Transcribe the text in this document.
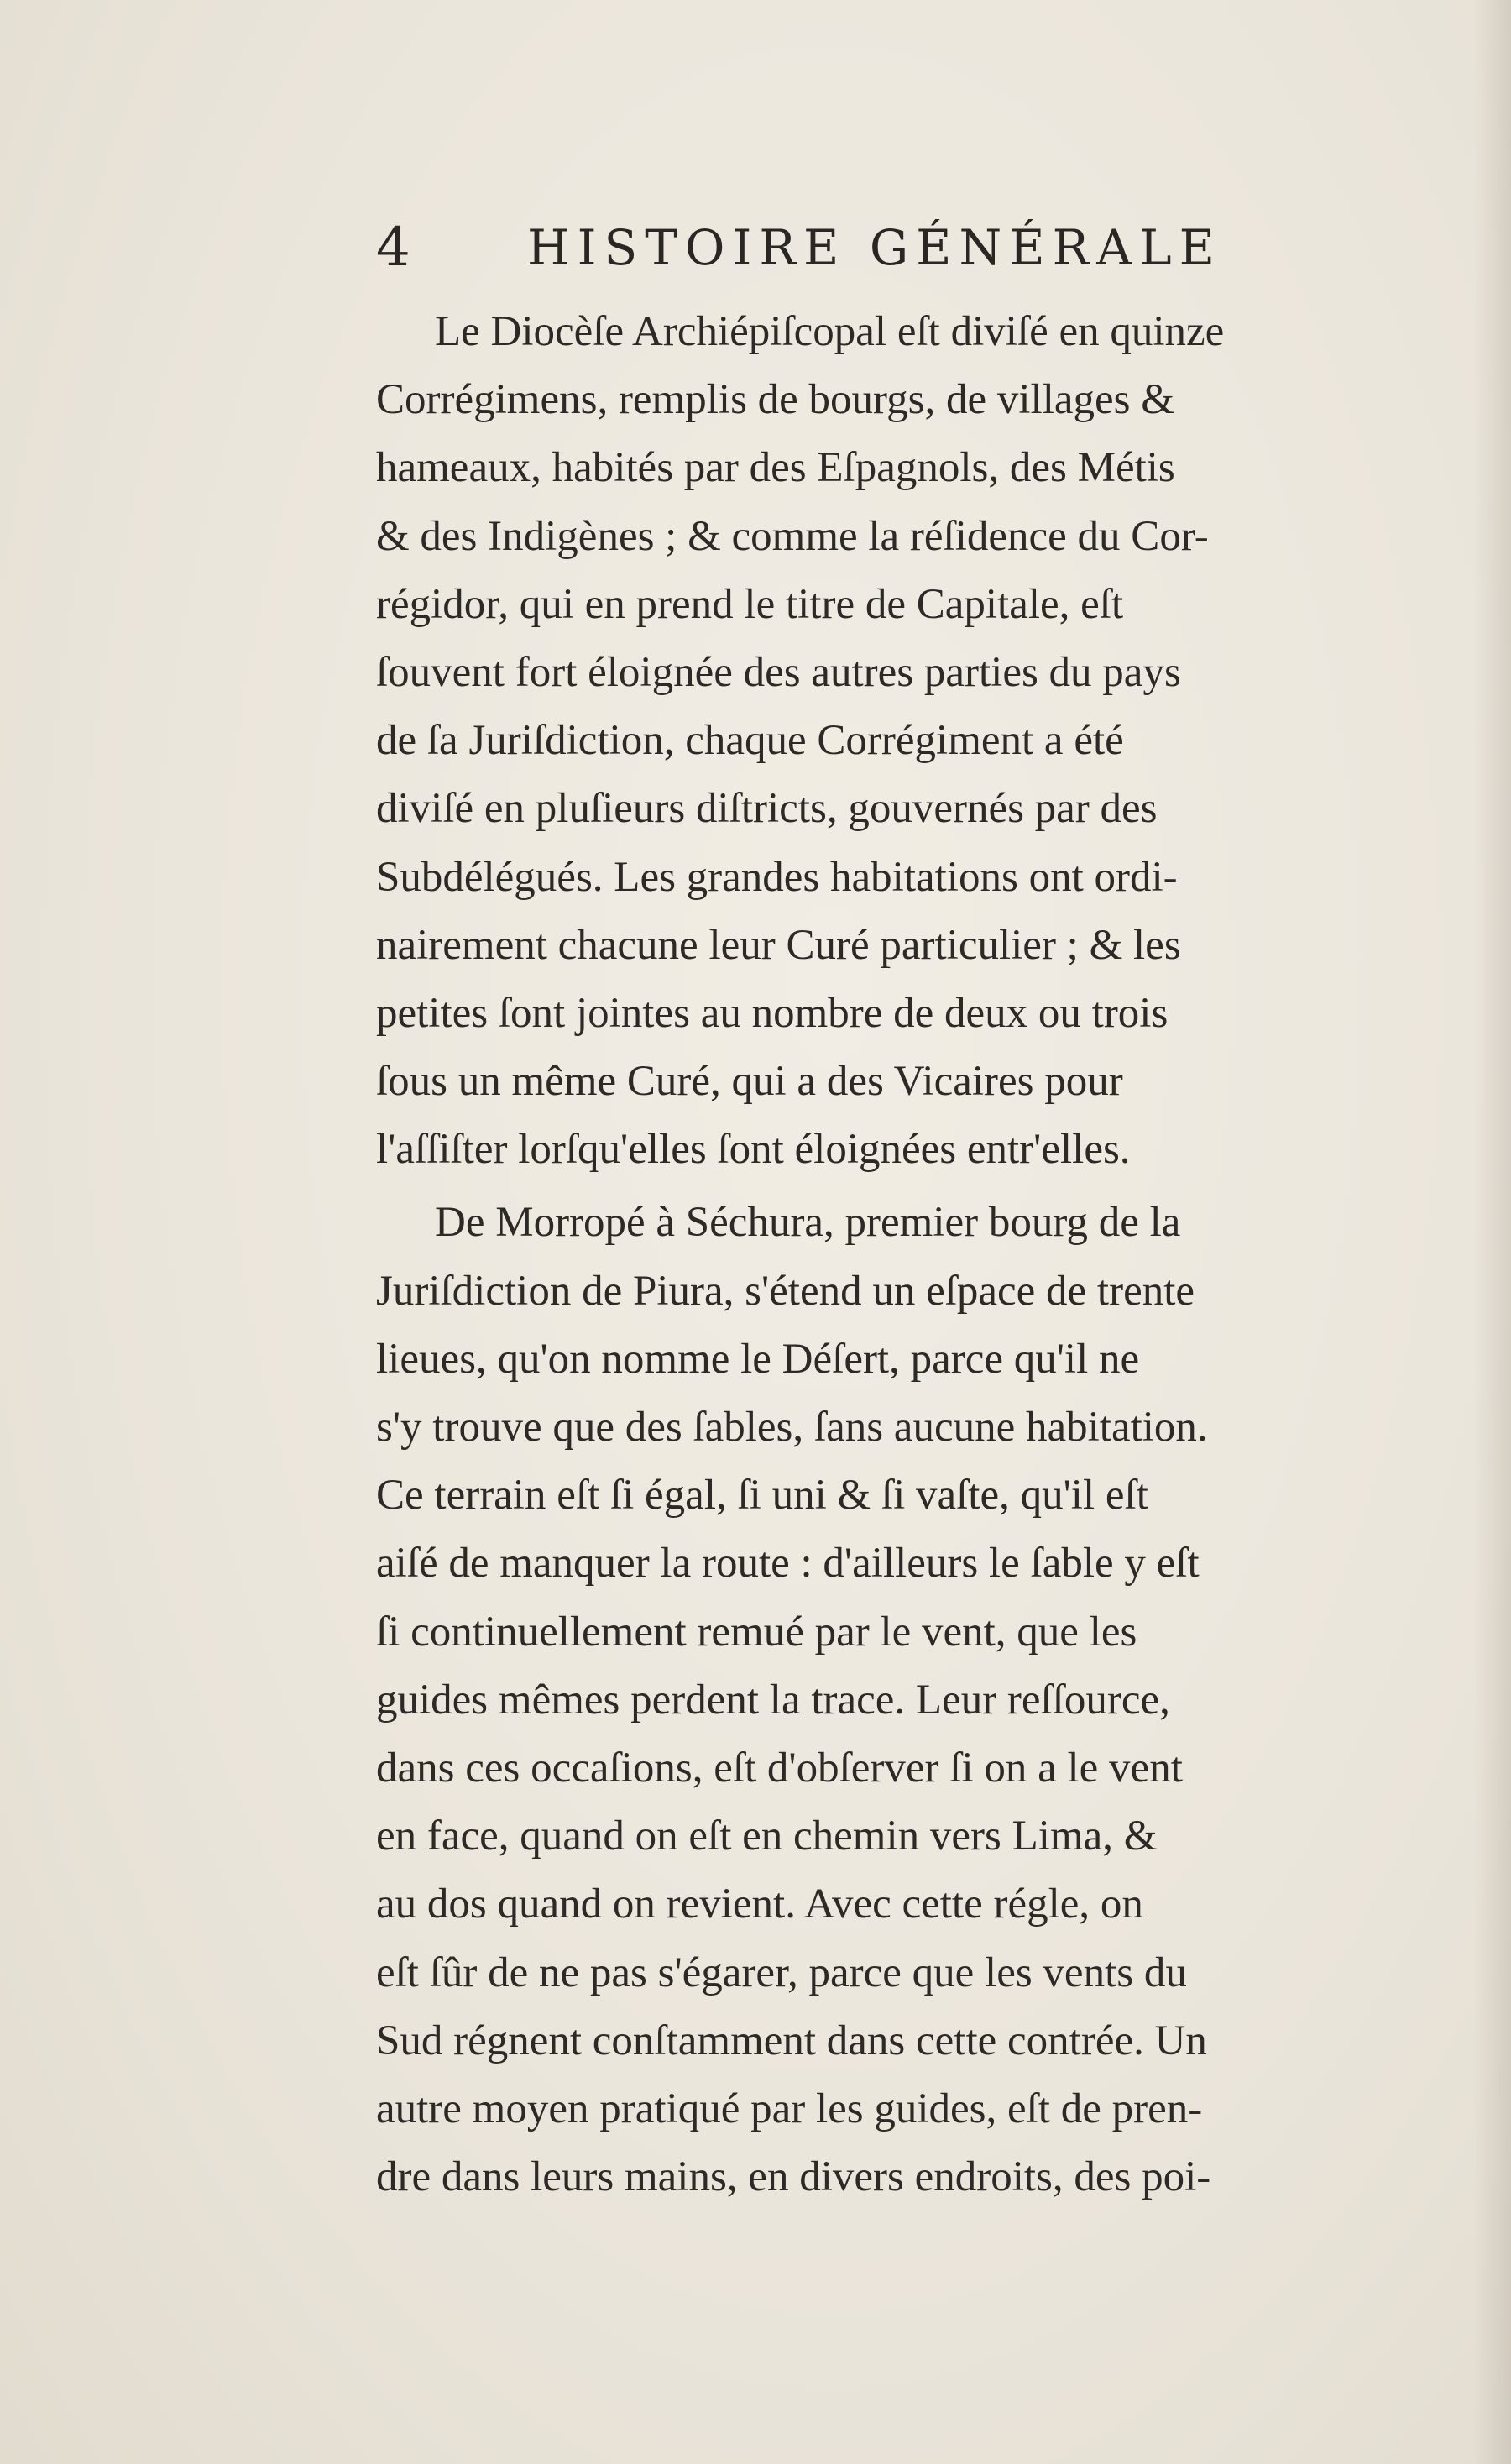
4 HISTOIRE GÉNÉRALE
Le Diocèſe Archiépiſcopal eſt diviſé en quinze
Corrégimens, remplis de bourgs, de villages &
hameaux, habités par des Eſpagnols, des Métis
& des Indigènes ; & comme la réſidence du Cor-
régidor, qui en prend le titre de Capitale, eſt
ſouvent fort éloignée des autres parties du pays
de ſa Juriſdiction, chaque Corrégiment a été
diviſé en pluſieurs diſtricts, gouvernés par des
Subdélégués. Les grandes habitations ont ordi-
nairement chacune leur Curé particulier ; & les
petites ſont jointes au nombre de deux ou trois
ſous un même Curé, qui a des Vicaires pour
l'aſſiſter lorſqu'elles ſont éloignées entr'elles.
De Morropé à Séchura, premier bourg de la
Juriſdiction de Piura, s'étend un eſpace de trente
lieues, qu'on nomme le Déſert, parce qu'il ne
s'y trouve que des ſables, ſans aucune habitation.
Ce terrain eſt ſi égal, ſi uni & ſi vaſte, qu'il eſt
aiſé de manquer la route : d'ailleurs le ſable y eſt
ſi continuellement remué par le vent, que les
guides mêmes perdent la trace. Leur reſſource,
dans ces occaſions, eſt d'obſerver ſi on a le vent
en face, quand on eſt en chemin vers Lima, &
au dos quand on revient. Avec cette régle, on
eſt ſûr de ne pas s'égarer, parce que les vents du
Sud régnent conſtamment dans cette contrée. Un
autre moyen pratiqué par les guides, eſt de pren-
dre dans leurs mains, en divers endroits, des poi-
